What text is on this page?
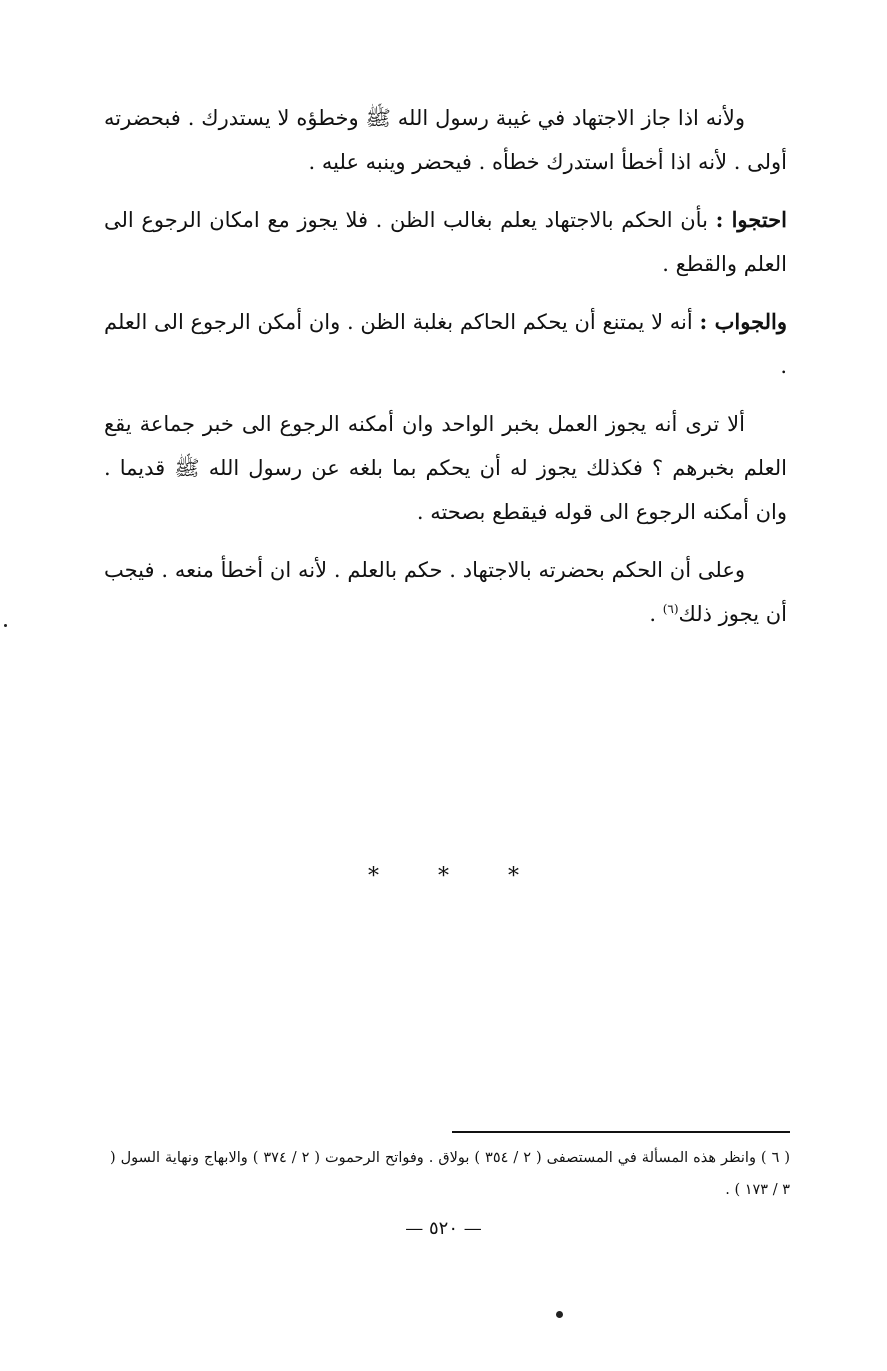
ولأنه اذا جاز الاجتهاد في غيبة رسول الله ﷺ وخطؤه لا يستدرك . فبحضرته أولى . لأنه اذا أخطأ استدرك خطأه . فيحضر وينبه عليه .

احتجوا : بأن الحكم بالاجتهاد يعلم بغالب الظن . فلا يجوز مع امكان الرجوع الى العلم والقطع .

والجواب : أنه لا يمتنع أن يحكم الحاكم بغلبة الظن . وان أمكن الرجوع الى العلم .

ألا ترى أنه يجوز العمل بخبر الواحد وان أمكنه الرجوع الى خبر جماعة يقع العلم بخبرهم ؟ فكذلك يجوز له أن يحكم بما بلغه عن رسول الله ﷺ قديما . وان أمكنه الرجوع الى قوله فيقطع بصحته .

وعلى أن الحكم بحضرته بالاجتهاد . حكم بالعلم . لأنه ان أخطأ منعه . فيجب أن يجوز ذلك$^{(٦)}$ .

* * *
( ٦ ) وانظر هذه المسألة في المستصفى ( ٢ / ٣٥٤ ) بولاق . وفواتح الرحموت ( ٢ / ٣٧٤ ) والابهاج ونهاية السول ( ٣ / ١٧٣ ) .
— ٥٢٠ —
